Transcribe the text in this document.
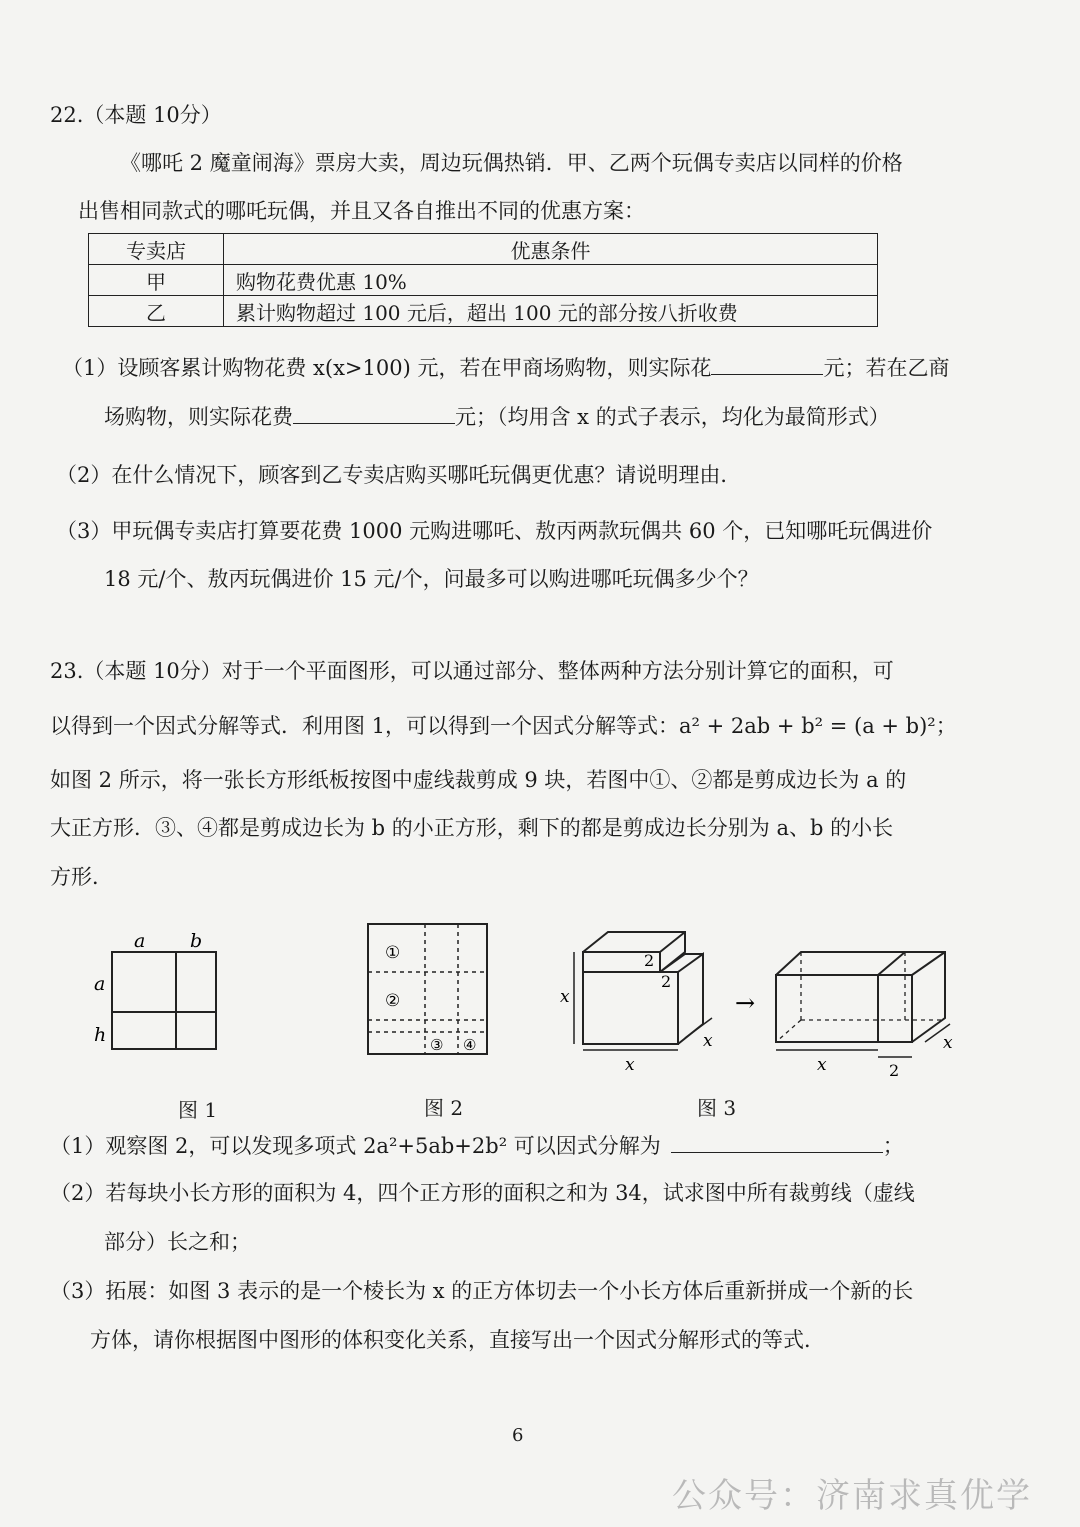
22.（本题 10分）
《哪吒 2 魔童闹海》票房大卖，周边玩偶热销．甲、乙两个玩偶专卖店以同样的价格
出售相同款式的哪吒玩偶，并且又各自推出不同的优惠方案：
专卖店	优惠条件
甲	购物花费优惠 10%
乙	累计购物超过 100 元后，超出 100 元的部分按八折收费
（1）设顾客累计购物花费 x(x>100) 元，若在甲商场购物，则实际花	元；若在乙商
场购物，则实际花费	元；（均用含 x 的式子表示，均化为最简形式）
（2）在什么情况下，顾客到乙专卖店购买哪吒玩偶更优惠？请说明理由．
（3）甲玩偶专卖店打算要花费 1000 元购进哪吒、敖丙两款玩偶共 60 个，已知哪吒玩偶进价
18 元/个、敖丙玩偶进价 15 元/个，问最多可以购进哪吒玩偶多少个？
23.（本题 10分）对于一个平面图形，可以通过部分、整体两种方法分别计算它的面积，可
以得到一个因式分解等式．利用图 1，可以得到一个因式分解等式：a² + 2ab + b² = (a + b)²；
如图 2 所示，将一张长方形纸板按图中虚线裁剪成 9 块，若图中①、②都是剪成边长为 a 的
大正方形．③、④都是剪成边长为 b 的小正方形，剩下的都是剪成边长分别为 a、b 的小长
方形．
a b
a
h
①
②
③ ④
x
x
x
2
2
→
x	2
x
图 1	图 2	图 3
（1）观察图 2，可以发现多项式 2a²+5ab+2b² 可以因式分解为	；
（2）若每块小长方形的面积为 4，四个正方形的面积之和为 34，试求图中所有裁剪线（虚线
部分）长之和；
（3）拓展：如图 3 表示的是一个棱长为 x 的正方体切去一个小长方体后重新拼成一个新的长
方体，请你根据图中图形的体积变化关系，直接写出一个因式分解形式的等式．
6
公众号：济南求真优学
